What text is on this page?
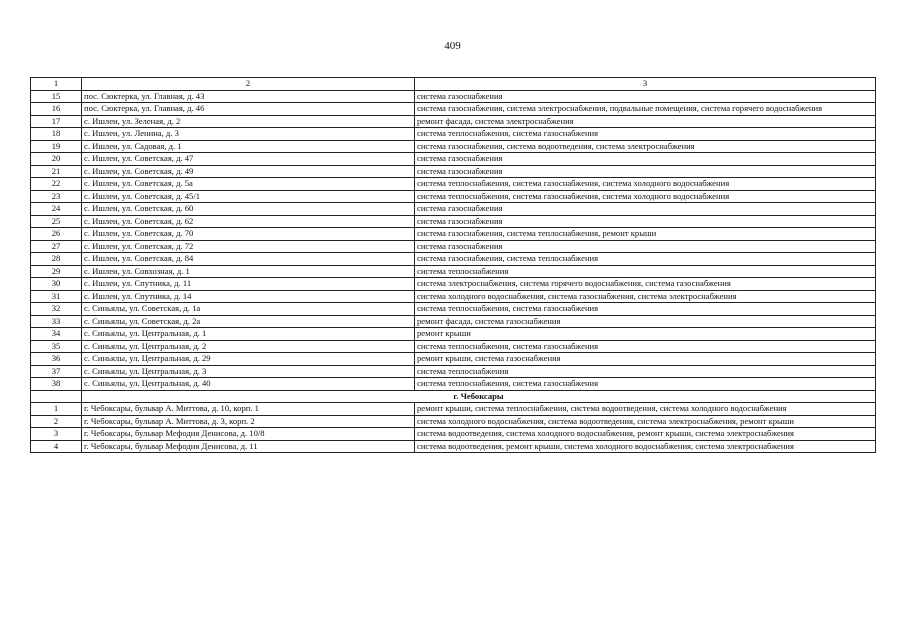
409
1	2	3
15	пос. Сюктерка, ул. Главная, д. 43	система газоснабжения
16	пос. Сюктерка, ул. Главная, д. 46	система газоснабжения, система электроснабжения, подвальные помещения, система горячего водоснабжения
17	с. Ишлеи, ул. Зеленая, д. 2	ремонт фасада, система электроснабжения
18	с. Ишлеи, ул. Ленина, д. 3	система теплоснабжения, система газоснабжения
19	с. Ишлеи, ул. Садовая, д. 1	система газоснабжения, система водоотведения, система электроснабжения
20	с. Ишлеи, ул. Советская, д. 47	система газоснабжения
21	с. Ишлеи, ул. Советская, д. 49	система газоснабжения
22	с. Ишлеи, ул. Советская, д. 5а	система теплоснабжения, система газоснабжения, система холодного водоснабжения
23	с. Ишлеи, ул. Советская, д. 45/1	система теплоснабжения, система газоснабжения, система холодного водоснабжения
24	с. Ишлеи, ул. Советская, д. 60	система газоснабжения
25	с. Ишлеи, ул. Советская, д. 62	система газоснабжения
26	с. Ишлеи, ул. Советская, д. 70	система газоснабжения, система теплоснабжения, ремонт крыши
27	с. Ишлеи, ул. Советская, д. 72	система газоснабжения
28	с. Ишлеи, ул. Советская, д. 84	система газоснабжения, система теплоснабжения
29	с. Ишлеи, ул. Совхозная, д. 1	система теплоснабжения
30	с. Ишлеи, ул. Спутника, д. 11	система электроснабжения, система горячего водоснабжения, система газоснабжения
31	с. Ишлеи, ул. Спутника, д. 14	система холодного водоснабжения, система газоснабжения, система электроснабжения
32	с. Синьялы, ул. Советская, д. 1а	система теплоснабжения, система газоснабжения
33	с. Синьялы, ул. Советская, д. 2а	ремонт фасада, система газоснабжения
34	с. Синьялы, ул. Центральная, д. 1	ремонт крыши
35	с. Синьялы, ул. Центральная, д. 2	система теплоснабжения, система газоснабжения
36	с. Синьялы, ул. Центральная, д. 29	ремонт крыши, система газоснабжения
37	с. Синьялы, ул. Центральная, д. 3	система теплоснабжения
38	с. Синьялы, ул. Центральная, д. 40	система теплоснабжения, система газоснабжения
	г. Чебоксары	
1	г. Чебоксары, бульвар А. Миттова, д. 10, корп. 1	ремонт крыши, система теплоснабжения, система водоотведения, система холодного водоснабжения
2	г. Чебоксары, бульвар А. Миттова, д. 3, корп. 2	система холодного водоснабжения, система водоотведения, система электроснабжения, ремонт крыши
3	г. Чебоксары, бульвар Мефодия Денисова, д. 10/8	система водоотведения, система холодного водоснабжения, ремонт крыши, система электроснабжения
4	г. Чебоксары, бульвар Мефодия Денисова, д. 11	система водоотведения, ремонт крыши, система холодного водоснабжения, система электроснабжения
